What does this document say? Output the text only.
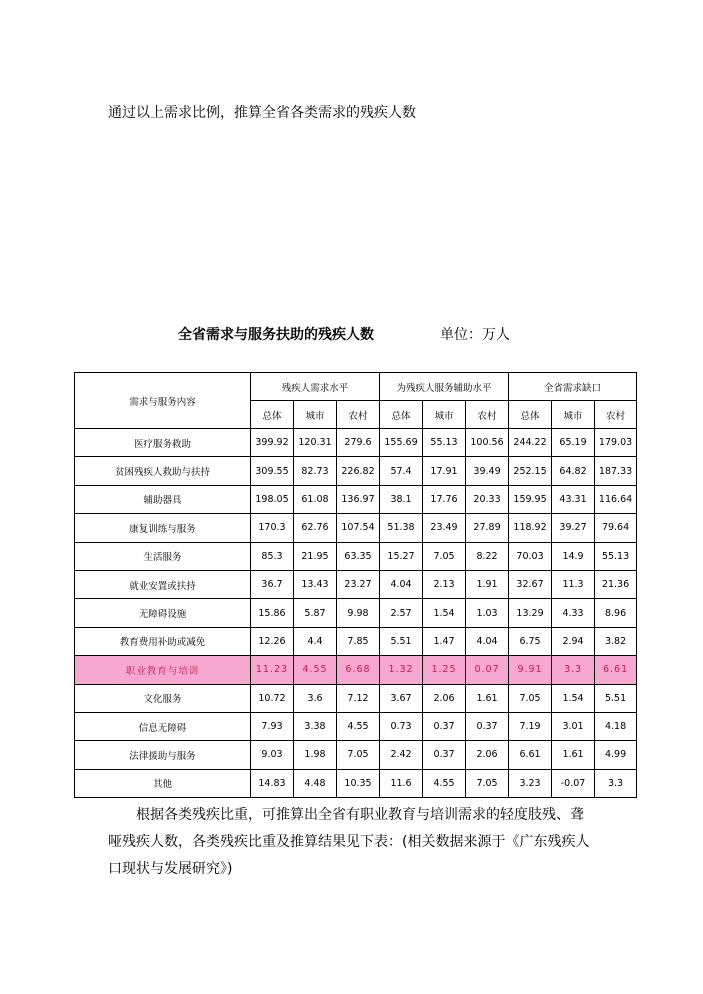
通过以上需求比例，推算全省各类需求的残疾人数
全省需求与服务扶助的残疾人数	单位：万人
需求与服务内容	残疾人需求水平			为残疾人服务辅助水平			全省需求缺口		
	总体	城市	农村	总体	城市	农村	总体	城市	农村
医疗服务救助	399.92	120.31	279.6	155.69	55.13	100.56	244.22	65.19	179.03
贫困残疾人救助与扶持	309.55	82.73	226.82	57.4	17.91	39.49	252.15	64.82	187.33
辅助器具	198.05	61.08	136.97	38.1	17.76	20.33	159.95	43.31	116.64
康复训练与服务	170.3	62.76	107.54	51.38	23.49	27.89	118.92	39.27	79.64
生活服务	85.3	21.95	63.35	15.27	7.05	8.22	70.03	14.9	55.13
就业安置或扶持	36.7	13.43	23.27	4.04	2.13	1.91	32.67	11.3	21.36
无障碍设施	15.86	5.87	9.98	2.57	1.54	1.03	13.29	4.33	8.96
教育费用补助或减免	12.26	4.4	7.85	5.51	1.47	4.04	6.75	2.94	3.82
职业教育与培训	11.23	4.55	6.68	1.32	1.25	0.07	9.91	3.3	6.61
文化服务	10.72	3.6	7.12	3.67	2.06	1.61	7.05	1.54	5.51
信息无障碍	7.93	3.38	4.55	0.73	0.37	0.37	7.19	3.01	4.18
法律援助与服务	9.03	1.98	7.05	2.42	0.37	2.06	6.61	1.61	4.99
其他	14.83	4.48	10.35	11.6	4.55	7.05	3.23	-0.07	3.3
根据各类残疾比重，可推算出全省有职业教育与培训需求的轻度肢残、聋
哑残疾人数，各类残疾比重及推算结果见下表：(相关数据来源于《广东残疾人
口现状与发展研究》)
